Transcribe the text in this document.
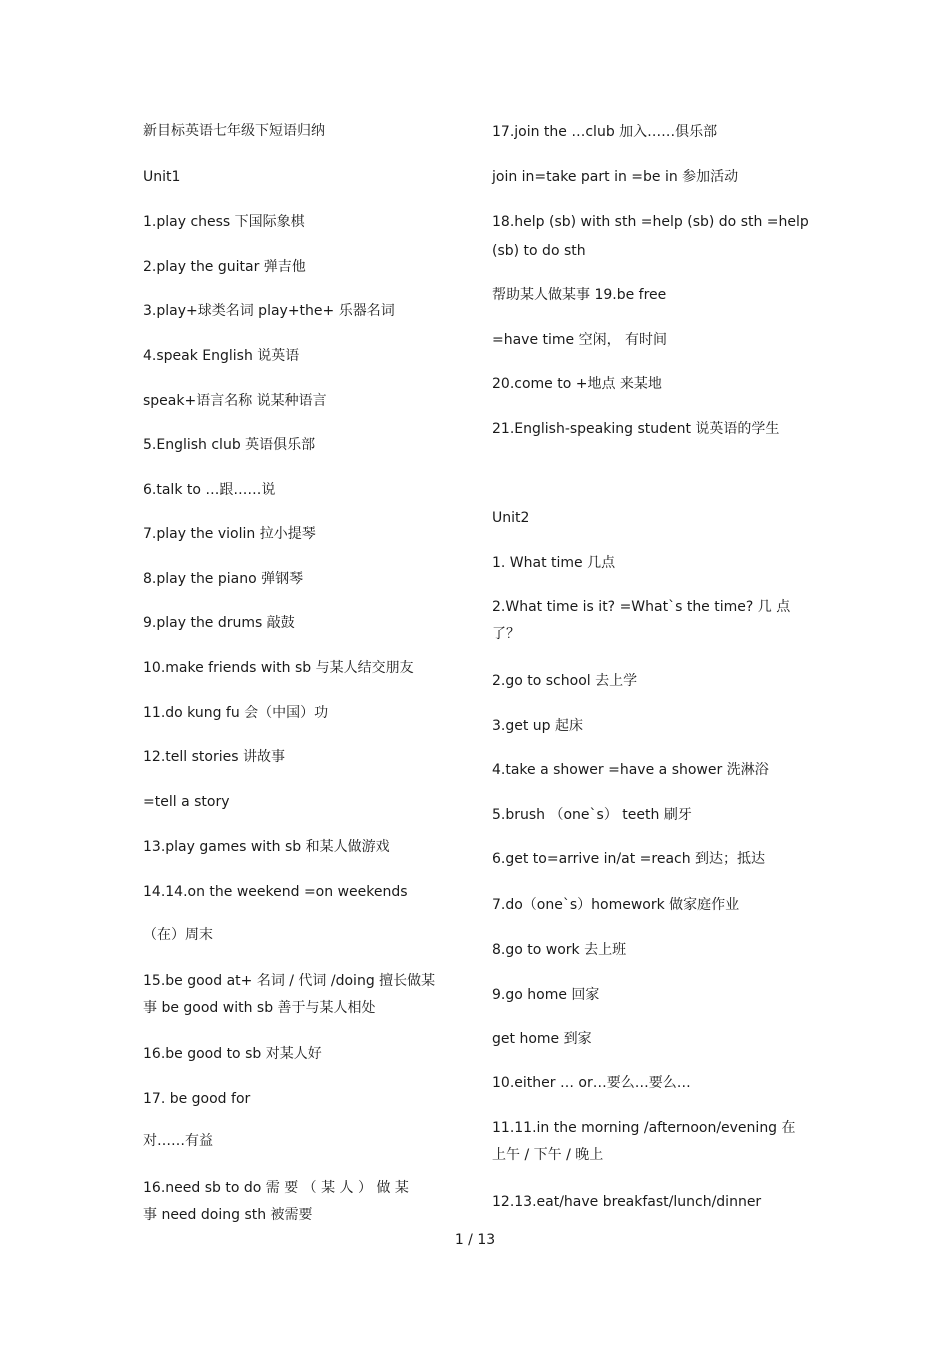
新目标英语七年级下短语归纳
Unit1
1.play chess 下国际象棋
2.play the guitar 弹吉他
3.play+球类名词 play+the+ 乐器名词
4.speak English 说英语
speak+语言名称 说某种语言
5.English club 英语俱乐部
6.talk to …跟……说
7.play the violin 拉小提琴
8.play the piano 弹钢琴
9.play the drums 敲鼓
10.make friends with sb 与某人结交朋友
11.do kung fu 会（中国）功
12.tell stories 讲故事
=tell a story
13.play games with sb 和某人做游戏
14.14.on the weekend =on weekends
（在）周末
15.be good at+ 名词 / 代词 /doing 擅长做某
事 be good with sb 善于与某人相处
16.be good to sb 对某人好
17. be good for
对……有益
16.need sb to do 需 要 （ 某 人 ） 做 某
事 need doing sth 被需要
17.join the …club 加入……俱乐部
join in=take part in =be in 参加活动
18.help (sb) with sth =help (sb) do sth =help
(sb) to do sth
帮助某人做某事 19.be free
=have time 空闲， 有时间
20.come to +地点 来某地
21.English-speaking student 说英语的学生
Unit2
1. What time 几点
2.What time is it? =What`s the time? 几 点
了？
2.go to school 去上学
3.get up 起床
4.take a shower =have a shower 洗淋浴
5.brush （one`s） teeth 刷牙
6.get to=arrive in/at =reach 到达；抵达
7.do（one`s）homework 做家庭作业
8.go to work 去上班
9.go home 回家
get home 到家
10.either … or…要么…要么…
11.11.in the morning /afternoon/evening 在
上午 / 下午 / 晚上
12.13.eat/have breakfast/lunch/dinner
1 / 13
